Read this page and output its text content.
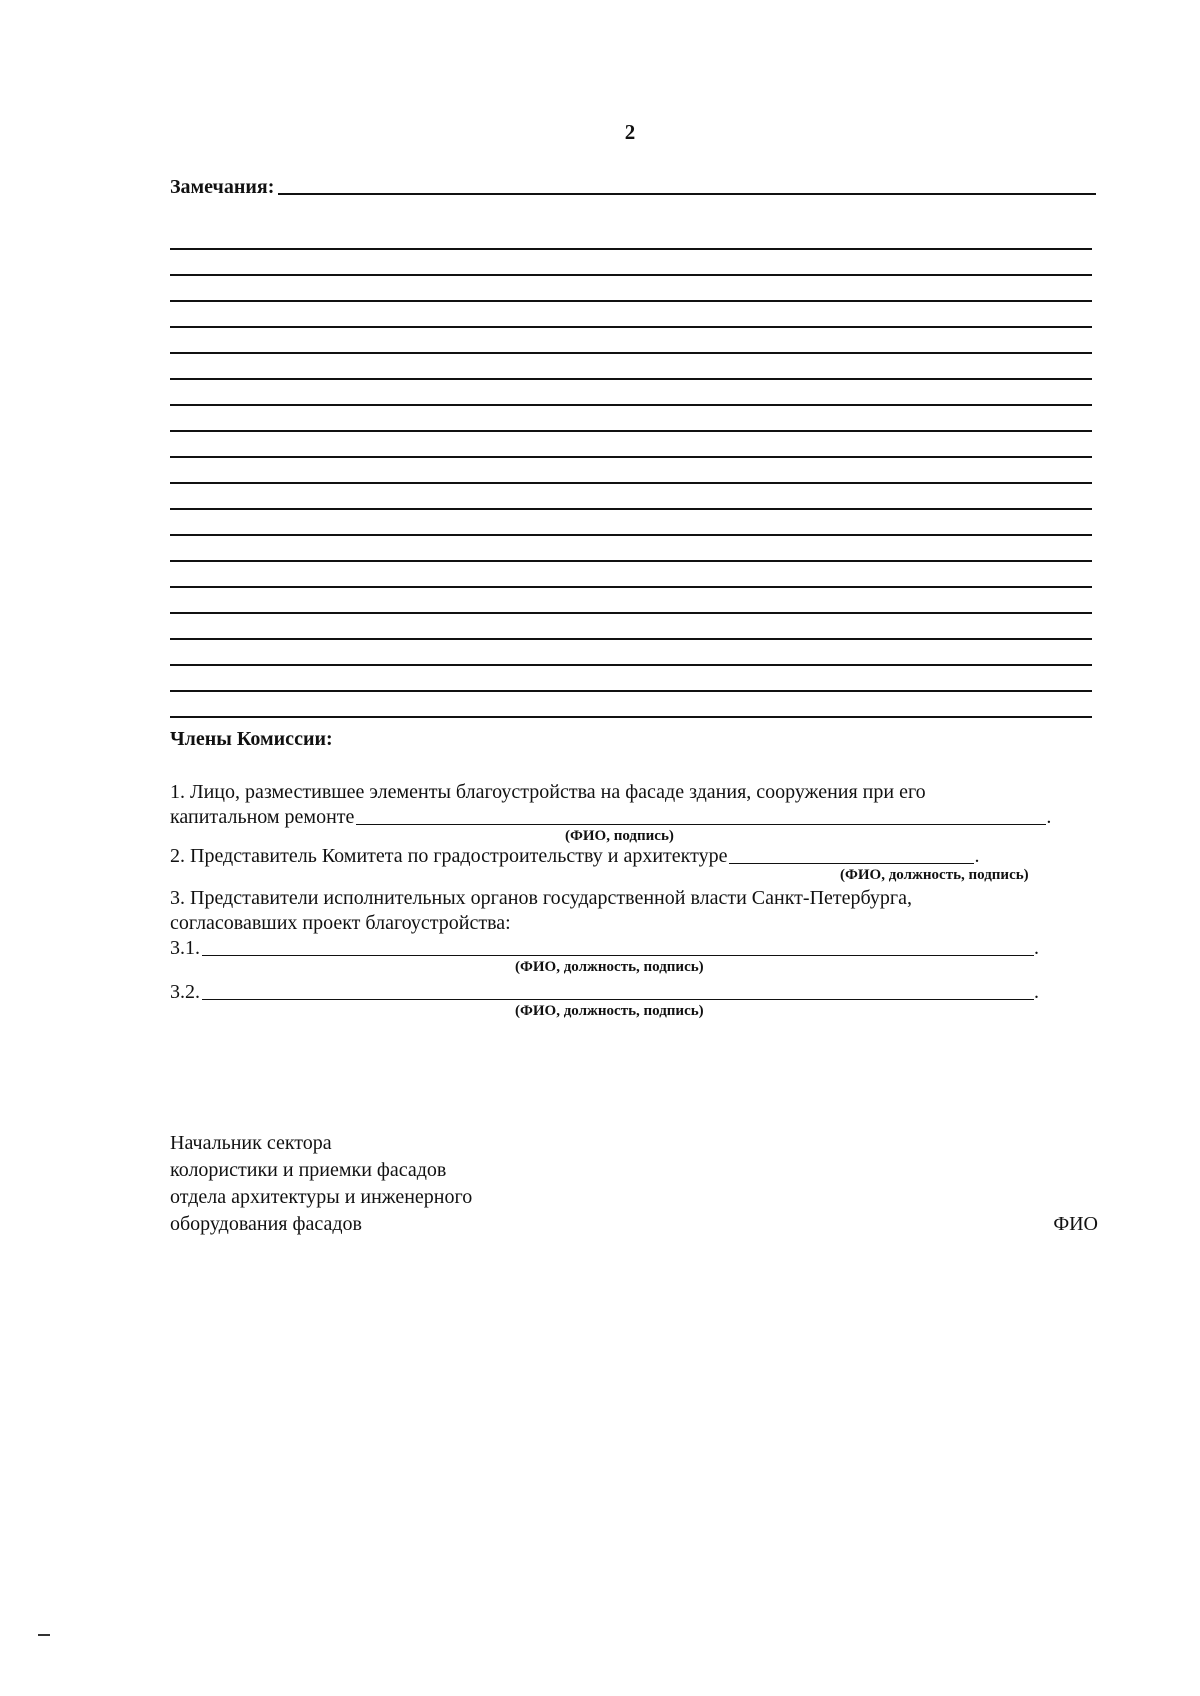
2
Замечания:
Члены Комиссии:
1. Лицо, разместившее элементы благоустройства на фасаде здания, сооружения при его
капитальном ремонте	.
(ФИО, подпись)
2. Представитель Комитета по градостроительству и архитектуре	.
(ФИО, должность, подпись)
3. Представители исполнительных органов государственной власти Санкт-Петербурга,
согласовавших проект благоустройства:
3.1.	.
(ФИО, должность, подпись)
3.2.	.
(ФИО, должность, подпись)
Начальник сектора
колористики и приемки фасадов
отдела архитектуры и инженерного
оборудования фасадов	ФИО
